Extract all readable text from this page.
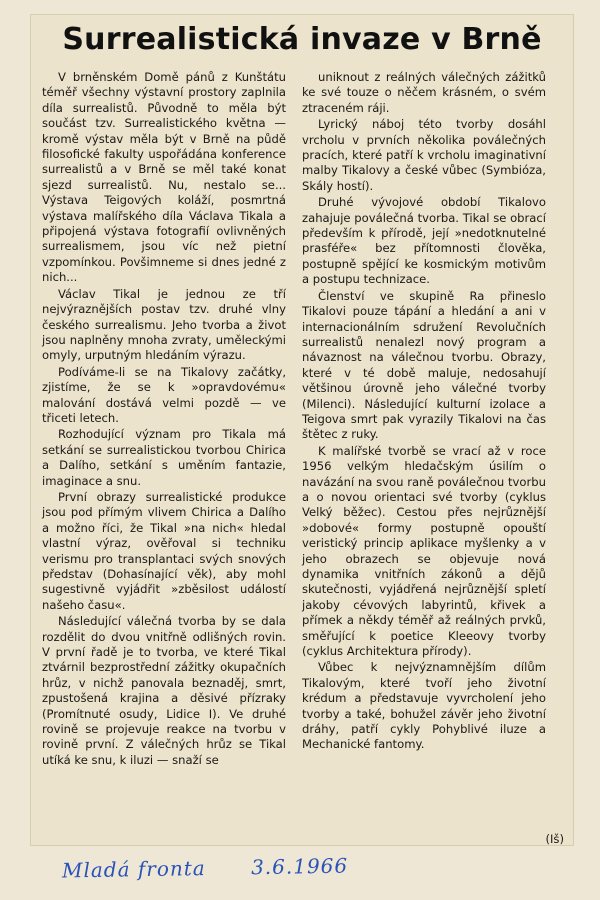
Surrealistická invaze v Brně

V brněnském Domě pánů z Kunštátu téměř všechny výstavní prostory zaplnila díla surrealistů. Původně to měla být součást tzv. Surrealistického května — kromě výstav měla být v Brně na půdě filosofické fakulty uspořádána konference surrealistů a v Brně se měl také konat sjezd surrealistů. Nu, nestalo se... Výstava Teigových koláží, posmrtná výstava malířského díla Václava Tikala a připojená výstava fotografií ovlivněných surrealismem, jsou víc než pietní vzpomínkou. Povšimneme si dnes jedné z nich...

Václav Tikal je jednou ze tří nejvýraznějších postav tzv. druhé vlny českého surrealismu. Jeho tvorba a život jsou naplněny mnoha zvraty, uměleckými omyly, urputným hledáním výrazu.

Podíváme-li se na Tikalovy začátky, zjistíme, že se k »opravdovému« malování dostává velmi pozdě — ve třiceti letech.

Rozhodující význam pro Tikala má setkání se surrealistickou tvorbou Chirica a Dalího, setkání s uměním fantazie, imaginace a snu.

První obrazy surrealistické produkce jsou pod přímým vlivem Chirica a Dalího a možno říci, že Tikal »na nich« hledal vlastní výraz, ověřoval si techniku verismu pro transplantaci svých snových představ (Dohasínající věk), aby mohl sugestivně vyjádřit »zběsilost událostí našeho času«.

Následující válečná tvorba by se dala rozdělit do dvou vnitřně odlišných rovin. V první řadě je to tvorba, ve které Tikal ztvárnil bezprostřední zážitky okupačních hrůz, v nichž panovala beznaděj, smrt, zpustošená krajina a děsivé přízraky (Promítnuté osudy, Lidice I). Ve druhé rovině se projevuje reakce na tvorbu v rovině první. Z válečných hrůz se Tikal utíká ke snu, k iluzi — snaží se

uniknout z reálných válečných zážitků ke své touze o něčem krásném, o svém ztraceném ráji.

Lyrický náboj této tvorby dosáhl vrcholu v prvních několika poválečných pracích, které patří k vrcholu imaginativní malby Tikalovy a české vůbec (Symbióza, Skály hostí).

Druhé vývojové období Tikalovo zahajuje poválečná tvorba. Tikal se obrací především k přírodě, její »nedotknutelné prasféře« bez přítomnosti člověka, postupně spějící ke kosmickým motivům a postupu technizace.

Členství ve skupině Ra přineslo Tikalovi pouze tápání a hledání a ani v internacionálním sdružení Revolučních surrealistů nenalezl nový program a návaznost na válečnou tvorbu. Obrazy, které v té době maluje, nedosahují většinou úrovně jeho válečné tvorby (Milenci). Následující kulturní izolace a Teigova smrt pak vyrazily Tikalovi na čas štětec z ruky.

K malířské tvorbě se vrací až v roce 1956 velkým hledačským úsilím o navázání na svou raně poválečnou tvorbu a o novou orientaci své tvorby (cyklus Velký běžec). Cestou přes nejrůznější »dobové« formy postupně opouští veristický princip aplikace myšlenky a v jeho obrazech se objevuje nová dynamika vnitřních zákonů a dějů skutečnosti, vyjádřená nejrůznější spletí jakoby cévových labyrintů, křivek a přímek a někdy téměř až reálných prvků, směřující k poetice Kleeovy tvorby (cyklus Architektura přírody).

Vůbec k nejvýznamnějším dílům Tikalovým, které tvoří jeho životní krédum a představuje vyvrcholení jeho tvorby a také, bohužel závěr jeho životní dráhy, patří cykly Pohyblivé iluze a Mechanické fantomy.

(Iš)
Mladá fronta 3.6.1966
